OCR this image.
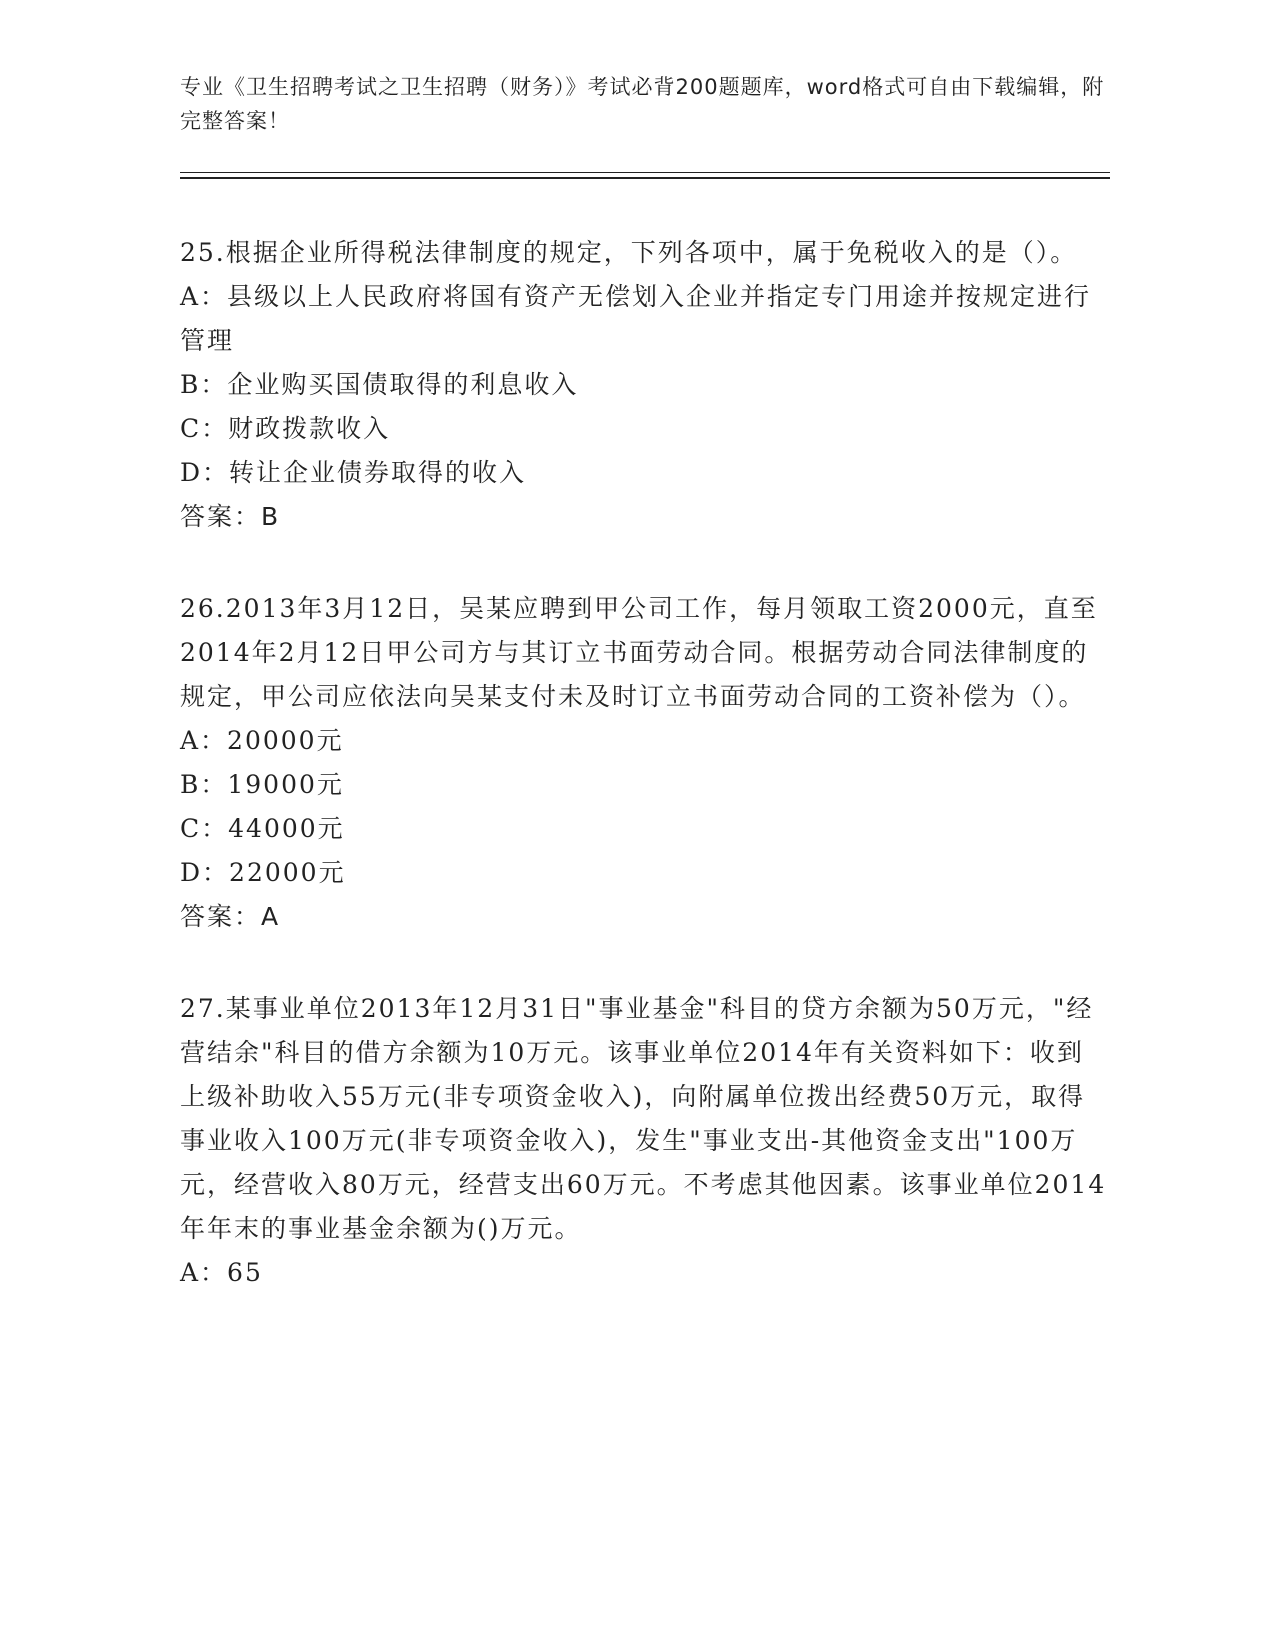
专业《卫生招聘考试之卫生招聘（财务）》考试必背200题题库，word格式可自由下载编辑，附完整答案！
25.根据企业所得税法律制度的规定，下列各项中，属于免税收入的是（）。
A：县级以上人民政府将国有资产无偿划入企业并指定专门用途并按规定进行管理
B：企业购买国债取得的利息收入
C：财政拨款收入
D：转让企业债券取得的收入
答案：B
26.2013年3月12日，吴某应聘到甲公司工作，每月领取工资2000元，直至2014年2月12日甲公司方与其订立书面劳动合同。根据劳动合同法律制度的规定，甲公司应依法向吴某支付未及时订立书面劳动合同的工资补偿为（）。
A：20000元
B：19000元
C：44000元
D：22000元
答案：A
27.某事业单位2013年12月31日"事业基金"科目的贷方余额为50万元，"经营结余"科目的借方余额为10万元。该事业单位2014年有关资料如下：收到上级补助收入55万元(非专项资金收入)，向附属单位拨出经费50万元，取得事业收入100万元(非专项资金收入)，发生"事业支出-其他资金支出"100万元，经营收入80万元，经营支出60万元。不考虑其他因素。该事业单位2014年年末的事业基金余额为()万元。
A：65
